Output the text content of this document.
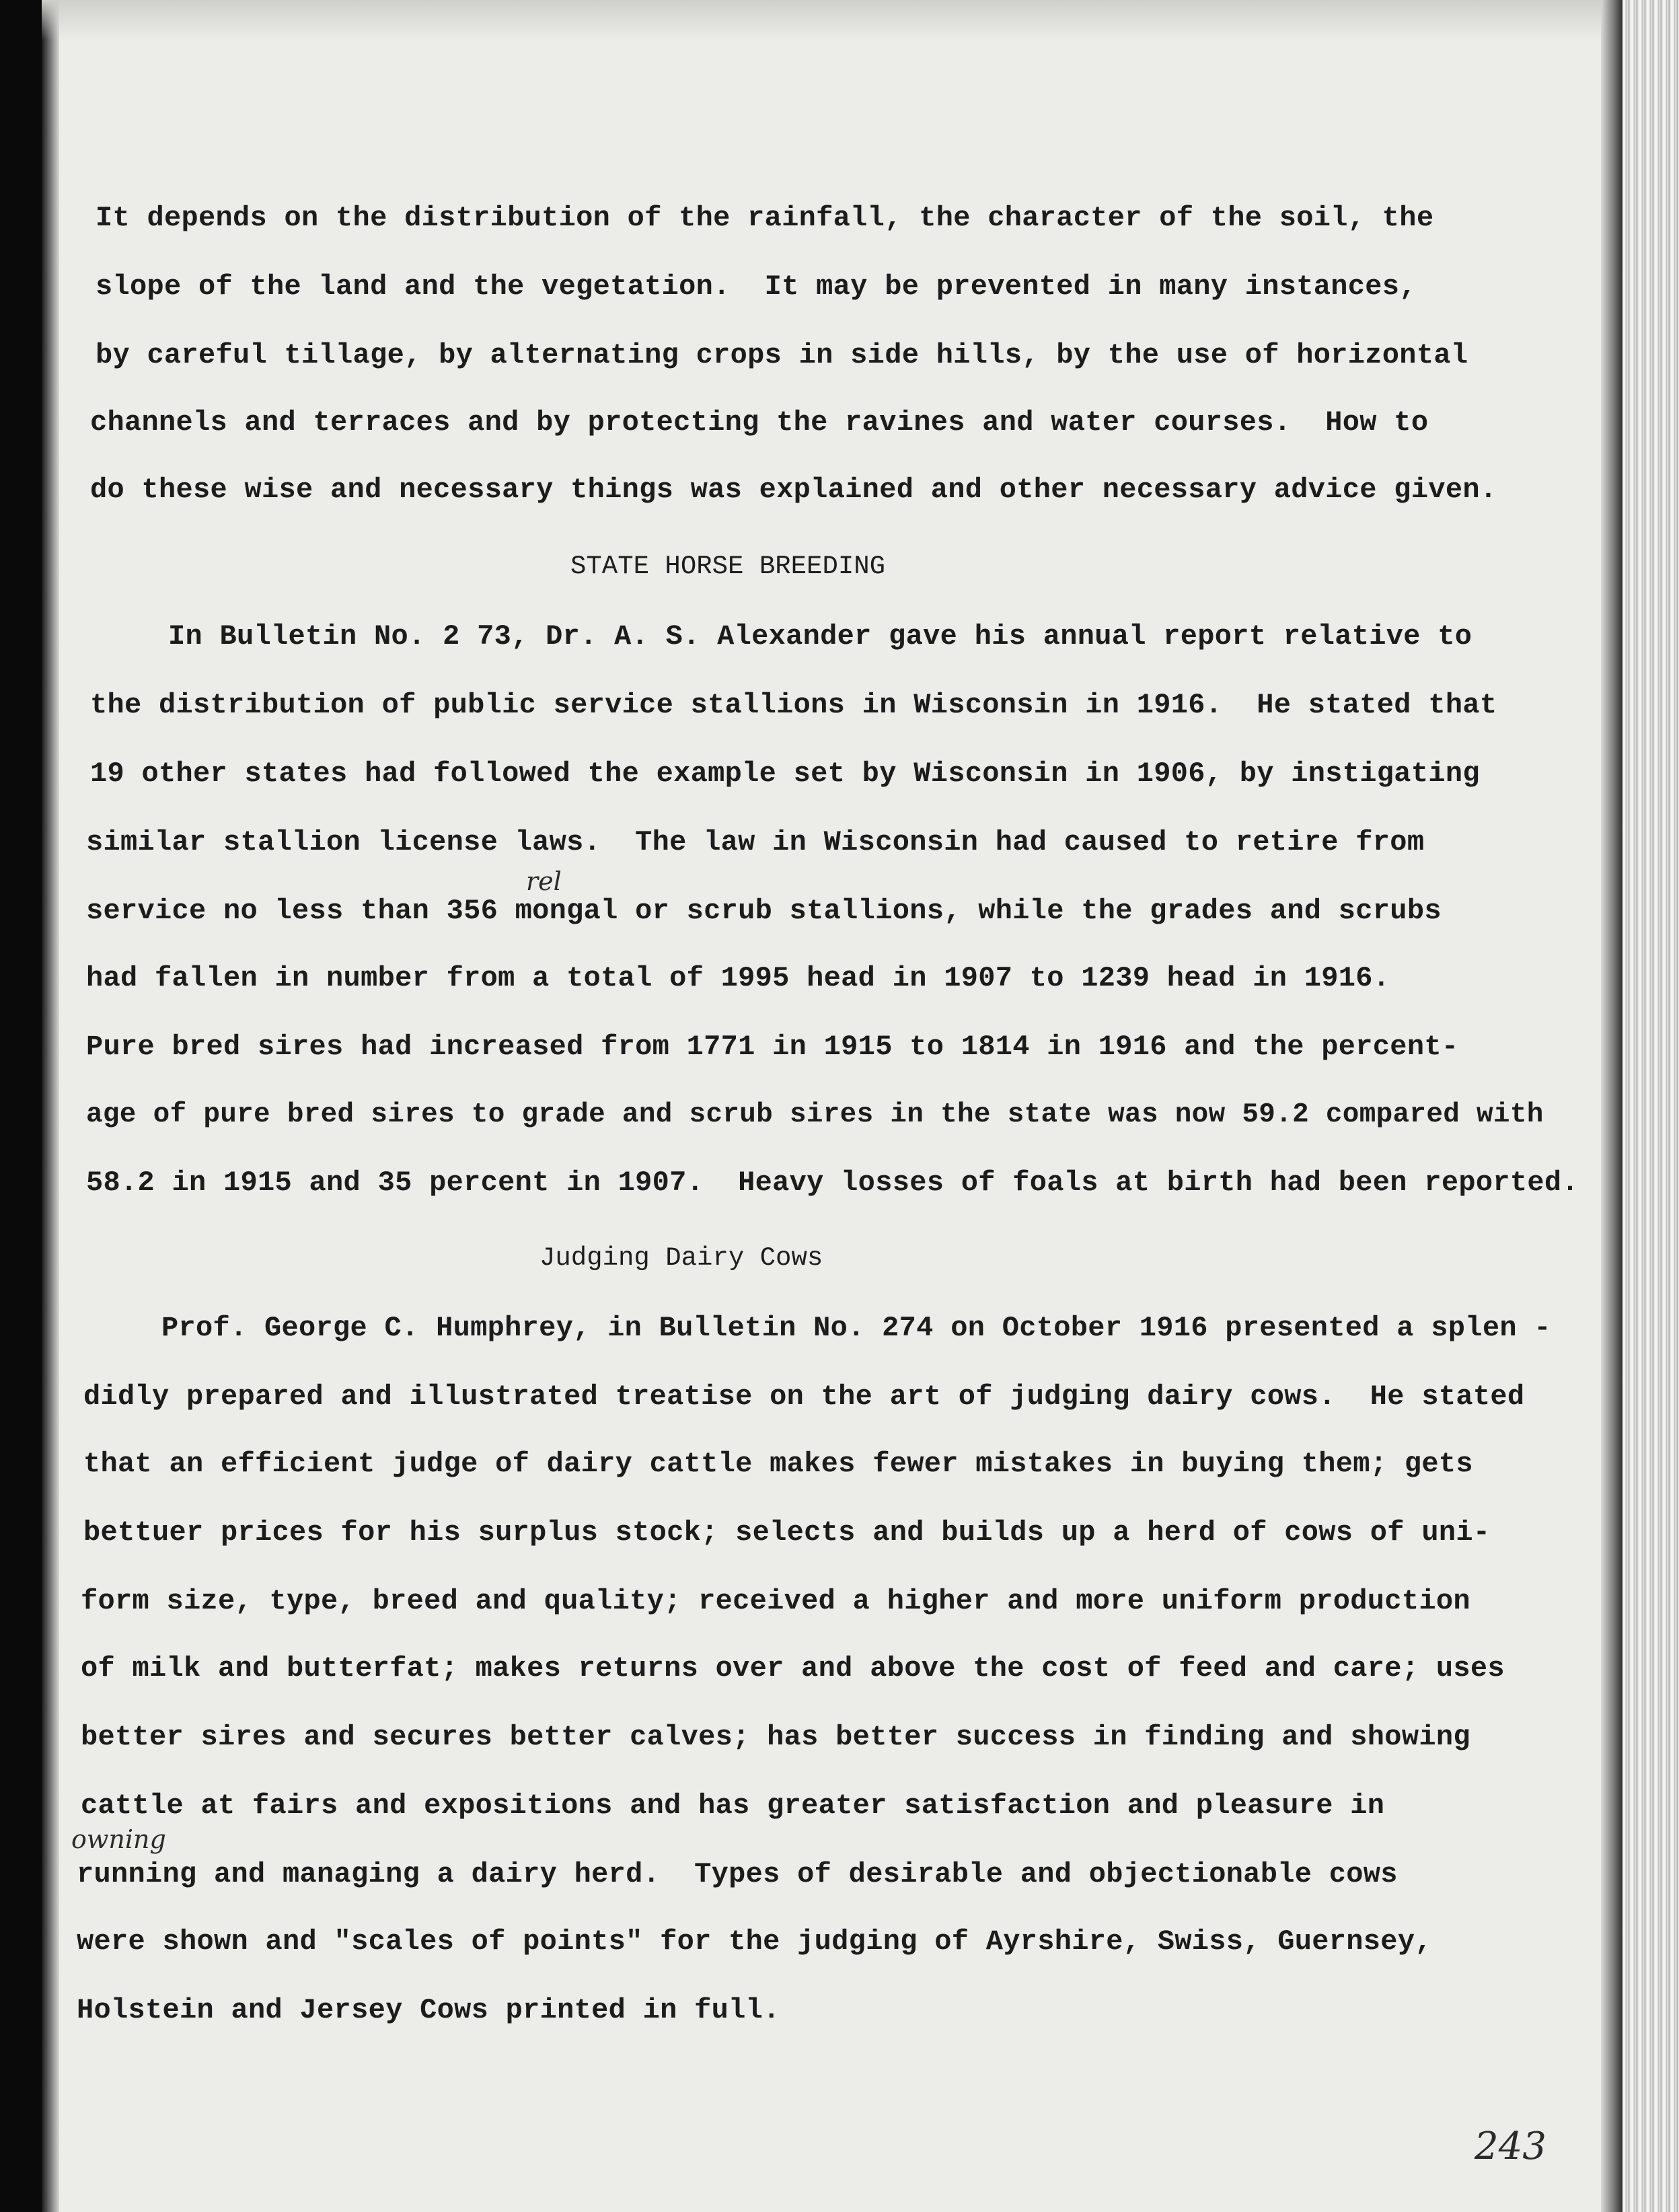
It depends on the distribution of the rainfall, the character of the soil, the

slope of the land and the vegetation.  It may be prevented in many instances,

by careful tillage, by alternating crops in side hills, by the use of horizontal

channels and terraces and by protecting the ravines and water courses.  How to

do these wise and necessary things was explained and other necessary advice given.

STATE HORSE BREEDING

In Bulletin No. 2 73, Dr. A. S. Alexander gave his annual report relative to

the distribution of public service stallions in Wisconsin in 1916.  He stated that

19 other states had followed the example set by Wisconsin in 1906, by instigating

similar stallion license laws.  The law in Wisconsin had caused to retire from

service no less than 356 mongal or scrub stallions, while the grades and scrubs

rel

had fallen in number from a total of 1995 head in 1907 to 1239 head in 1916.

Pure bred sires had increased from 1771 in 1915 to 1814 in 1916 and the percent-

age of pure bred sires to grade and scrub sires in the state was now 59.2 compared with

58.2 in 1915 and 35 percent in 1907.  Heavy losses of foals at birth had been reported.

Judging Dairy Cows

Prof. George C. Humphrey, in Bulletin No. 274 on October 1916 presented a splen -

didly prepared and illustrated treatise on the art of judging dairy cows.  He stated

that an efficient judge of dairy cattle makes fewer mistakes in buying them; gets

bettuer prices for his surplus stock; selects and builds up a herd of cows of uni-

form size, type, breed and quality; received a higher and more uniform production

of milk and butterfat; makes returns over and above the cost of feed and care; uses

better sires and secures better calves; has better success in finding and showing

cattle at fairs and expositions and has greater satisfaction and pleasure in

owning

running and managing a dairy herd.  Types of desirable and objectionable cows

were shown and "scales of points" for the judging of Ayrshire, Swiss, Guernsey,

Holstein and Jersey Cows printed in full.

243
